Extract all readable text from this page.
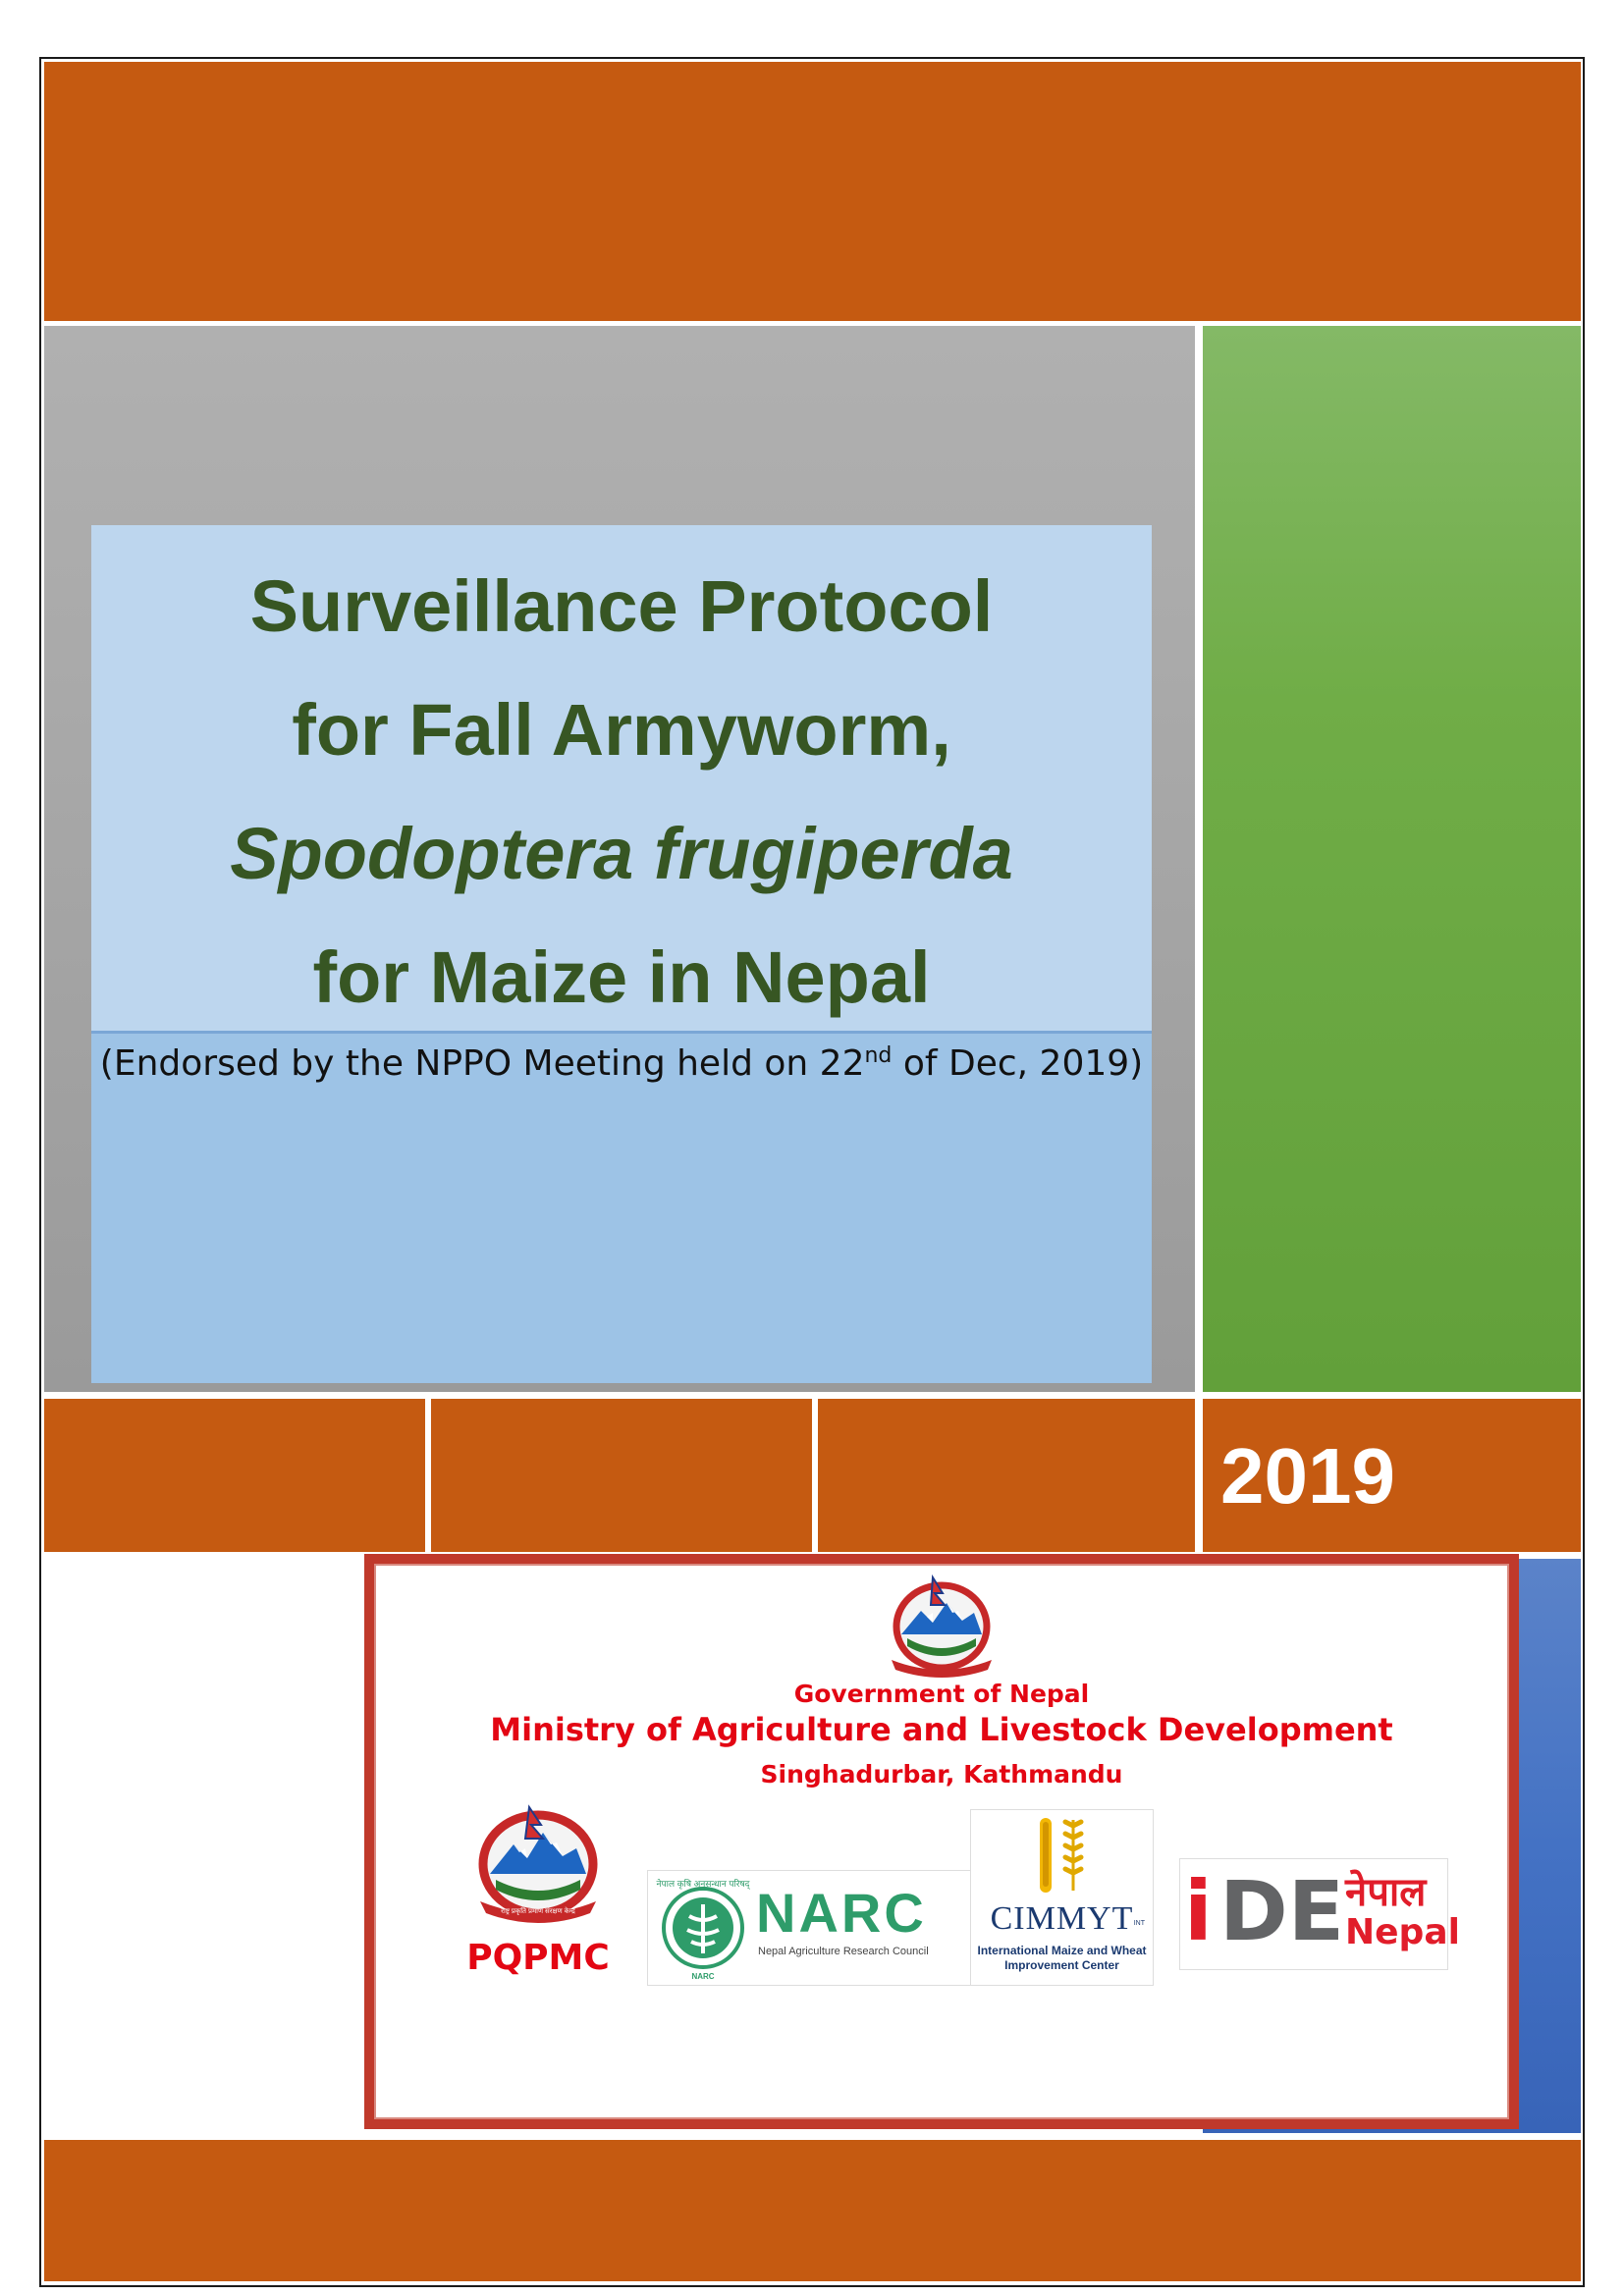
Surveillance Protocol
for Fall Armyworm,
Spodoptera frugiperda
for Maize in Nepal
(Endorsed by the NPPO Meeting held on 22nd of Dec, 2019)
2019
Government of Nepal
Ministry of Agriculture and Livestock Development
Singhadurbar, Kathmandu
राष्ट्र प्रकृति प्रमाण संरक्षण केन्द्र
PQPMC
नेपाल कृषि अनुसन्धान परिषद्
NARC
NARC
Nepal Agriculture Research Council
CIMMYT INT
International Maize and Wheat Improvement Center
i DE नेपाल
Nepal
